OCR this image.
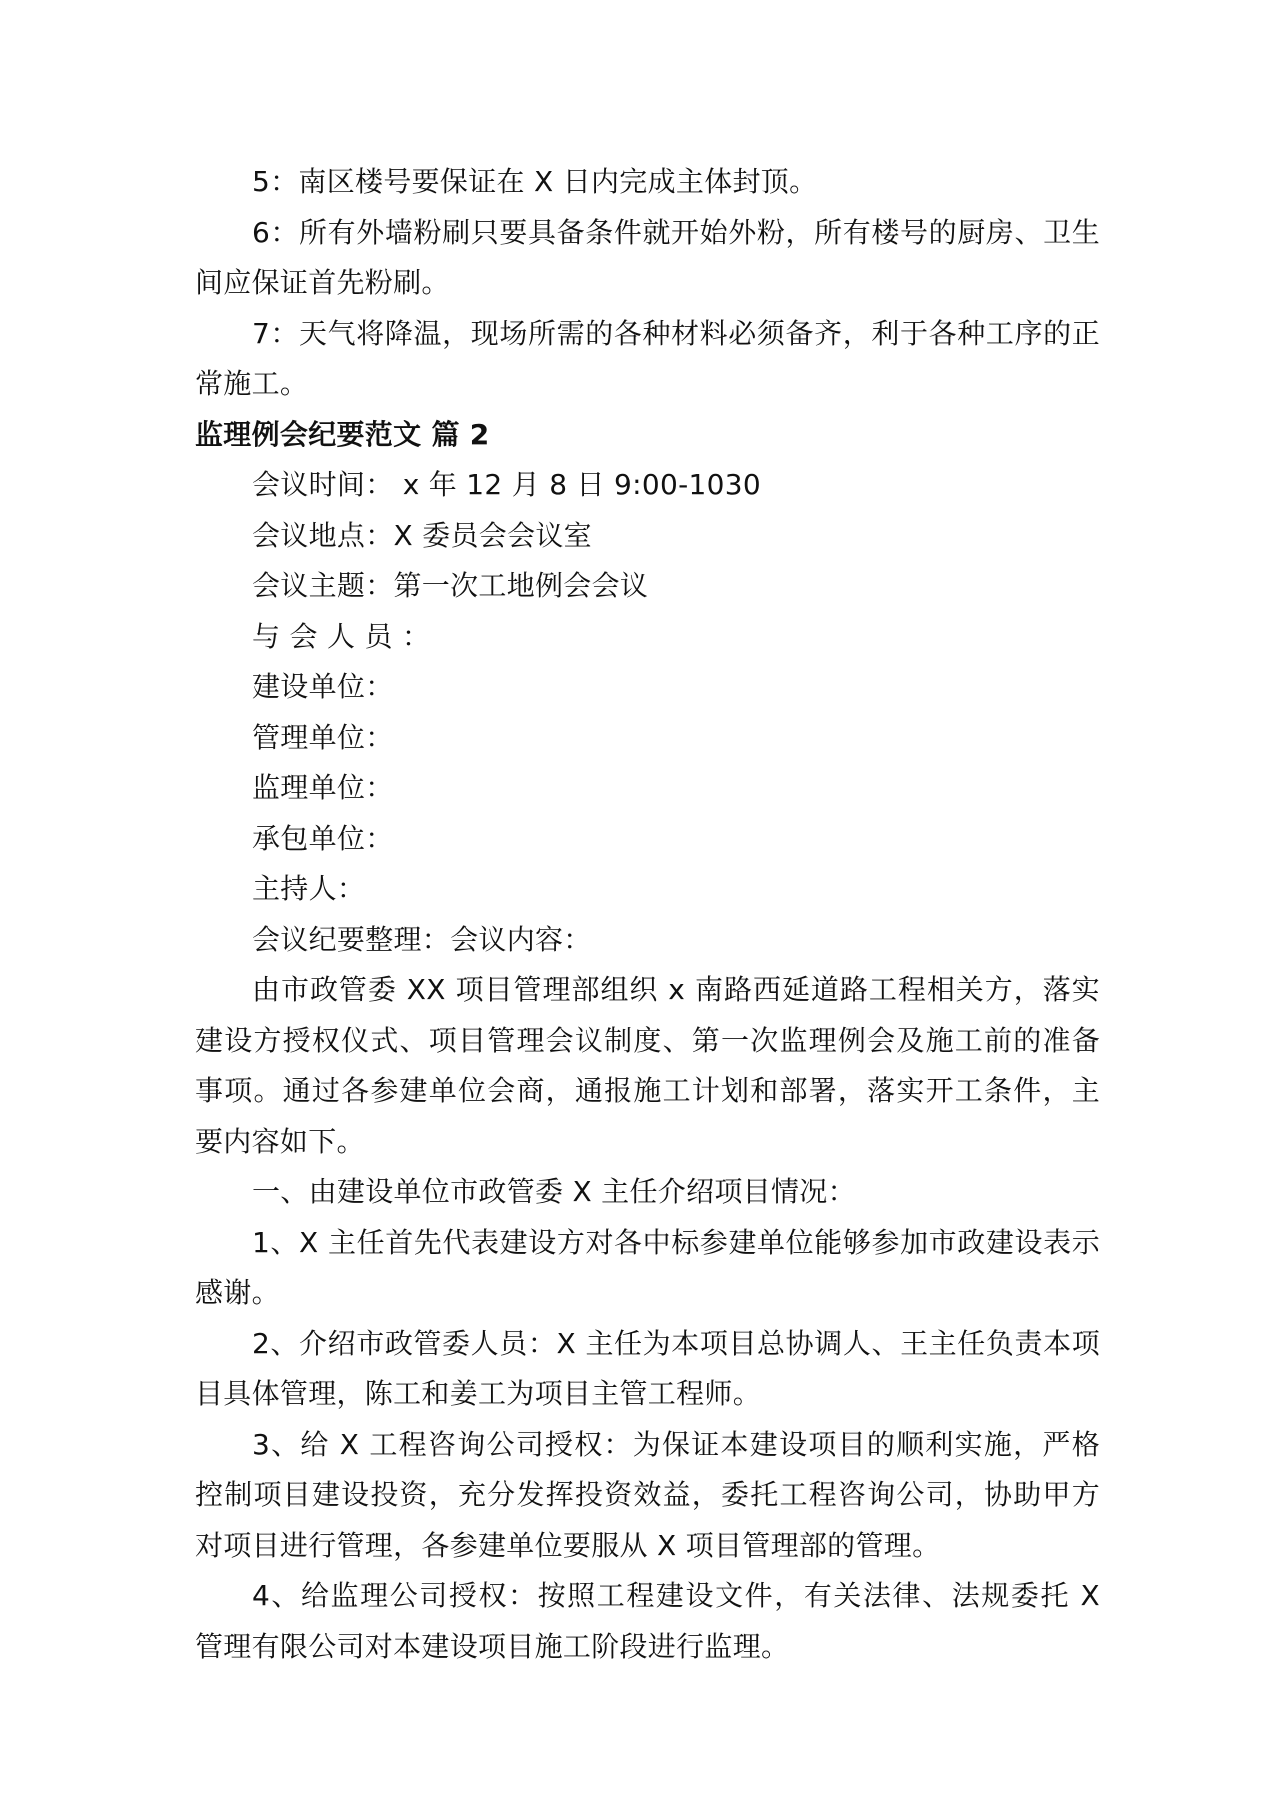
5：南区楼号要保证在 X 日内完成主体封顶。

6：所有外墙粉刷只要具备条件就开始外粉，所有楼号的厨房、卫生间应保证首先粉刷。

7：天气将降温，现场所需的各种材料必须备齐，利于各种工序的正常施工。

监理例会纪要范文 篇 2

会议时间： x 年 12 月 8 日 9:00-1030

会议地点：X 委员会会议室

会议主题：第一次工地例会会议

与 会 人 员 ：

建设单位：

管理单位：

监理单位：

承包单位：

主持人：

会议纪要整理：会议内容：

由市政管委 XX 项目管理部组织 x 南路西延道路工程相关方，落实建设方授权仪式、项目管理会议制度、第一次监理例会及施工前的准备事项。通过各参建单位会商，通报施工计划和部署，落实开工条件，主要内容如下。

一、由建设单位市政管委 X 主任介绍项目情况：

1、X 主任首先代表建设方对各中标参建单位能够参加市政建设表示感谢。

2、介绍市政管委人员：X 主任为本项目总协调人、王主任负责本项目具体管理，陈工和姜工为项目主管工程师。

3、给 X 工程咨询公司授权：为保证本建设项目的顺利实施，严格控制项目建设投资，充分发挥投资效益，委托工程咨询公司，协助甲方对项目进行管理，各参建单位要服从 X 项目管理部的管理。

4、给监理公司授权：按照工程建设文件，有关法律、法规委托 X 管理有限公司对本建设项目施工阶段进行监理。
